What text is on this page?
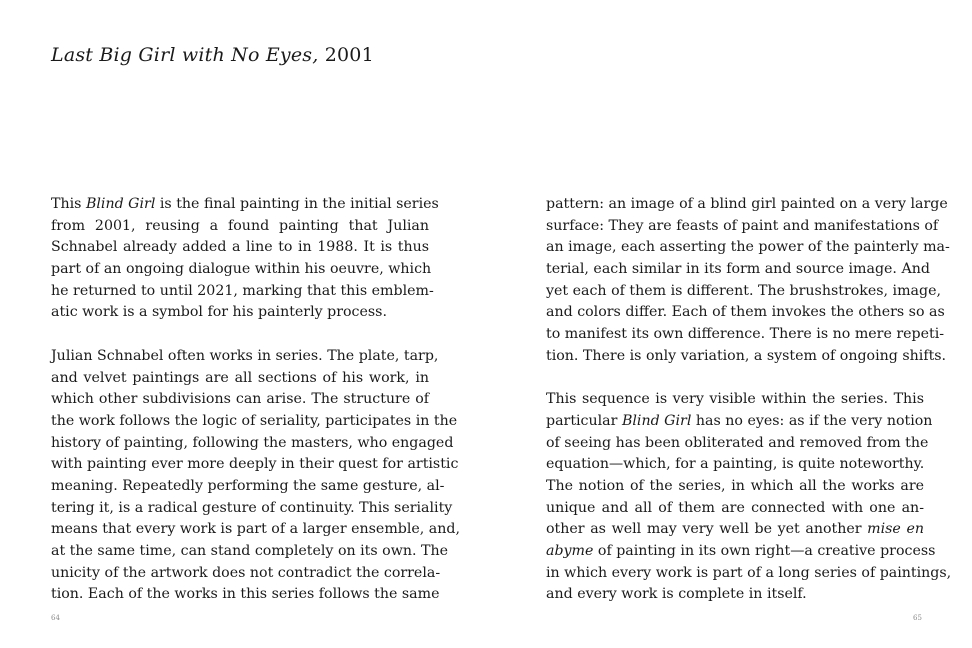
Last Big Girl with No Eyes, 2001
This Blind Girl is the final painting in the initial series
from 2001, reusing a found painting that Julian
Schnabel already added a line to in 1988. It is thus
part of an ongoing dialogue within his oeuvre, which
he returned to until 2021, marking that this emblem-
atic work is a symbol for his painterly process.
Julian Schnabel often works in series. The plate, tarp,
and velvet paintings are all sections of his work, in
which other subdivisions can arise. The structure of
the work follows the logic of seriality, participates in the
history of painting, following the masters, who engaged
with painting ever more deeply in their quest for artistic
meaning. Repeatedly performing the same gesture, al-
tering it, is a radical gesture of continuity. This seriality
means that every work is part of a larger ensemble, and,
at the same time, can stand completely on its own. The
unicity of the artwork does not contradict the correla-
tion. Each of the works in this series follows the same
pattern: an image of a blind girl painted on a very large
surface: They are feasts of paint and manifestations of
an image, each asserting the power of the painterly ma-
terial, each similar in its form and source image. And
yet each of them is different. The brushstrokes, image,
and colors differ. Each of them invokes the others so as
to manifest its own difference. There is no mere repeti-
tion. There is only variation, a system of ongoing shifts.
This sequence is very visible within the series. This
particular Blind Girl has no eyes: as if the very notion
of seeing has been obliterated and removed from the
equation—which, for a painting, is quite noteworthy.
The notion of the series, in which all the works are
unique and all of them are connected with one an-
other as well may very well be yet another mise en
abyme of painting in its own right—a creative process
in which every work is part of a long series of paintings,
and every work is complete in itself.
64	65
